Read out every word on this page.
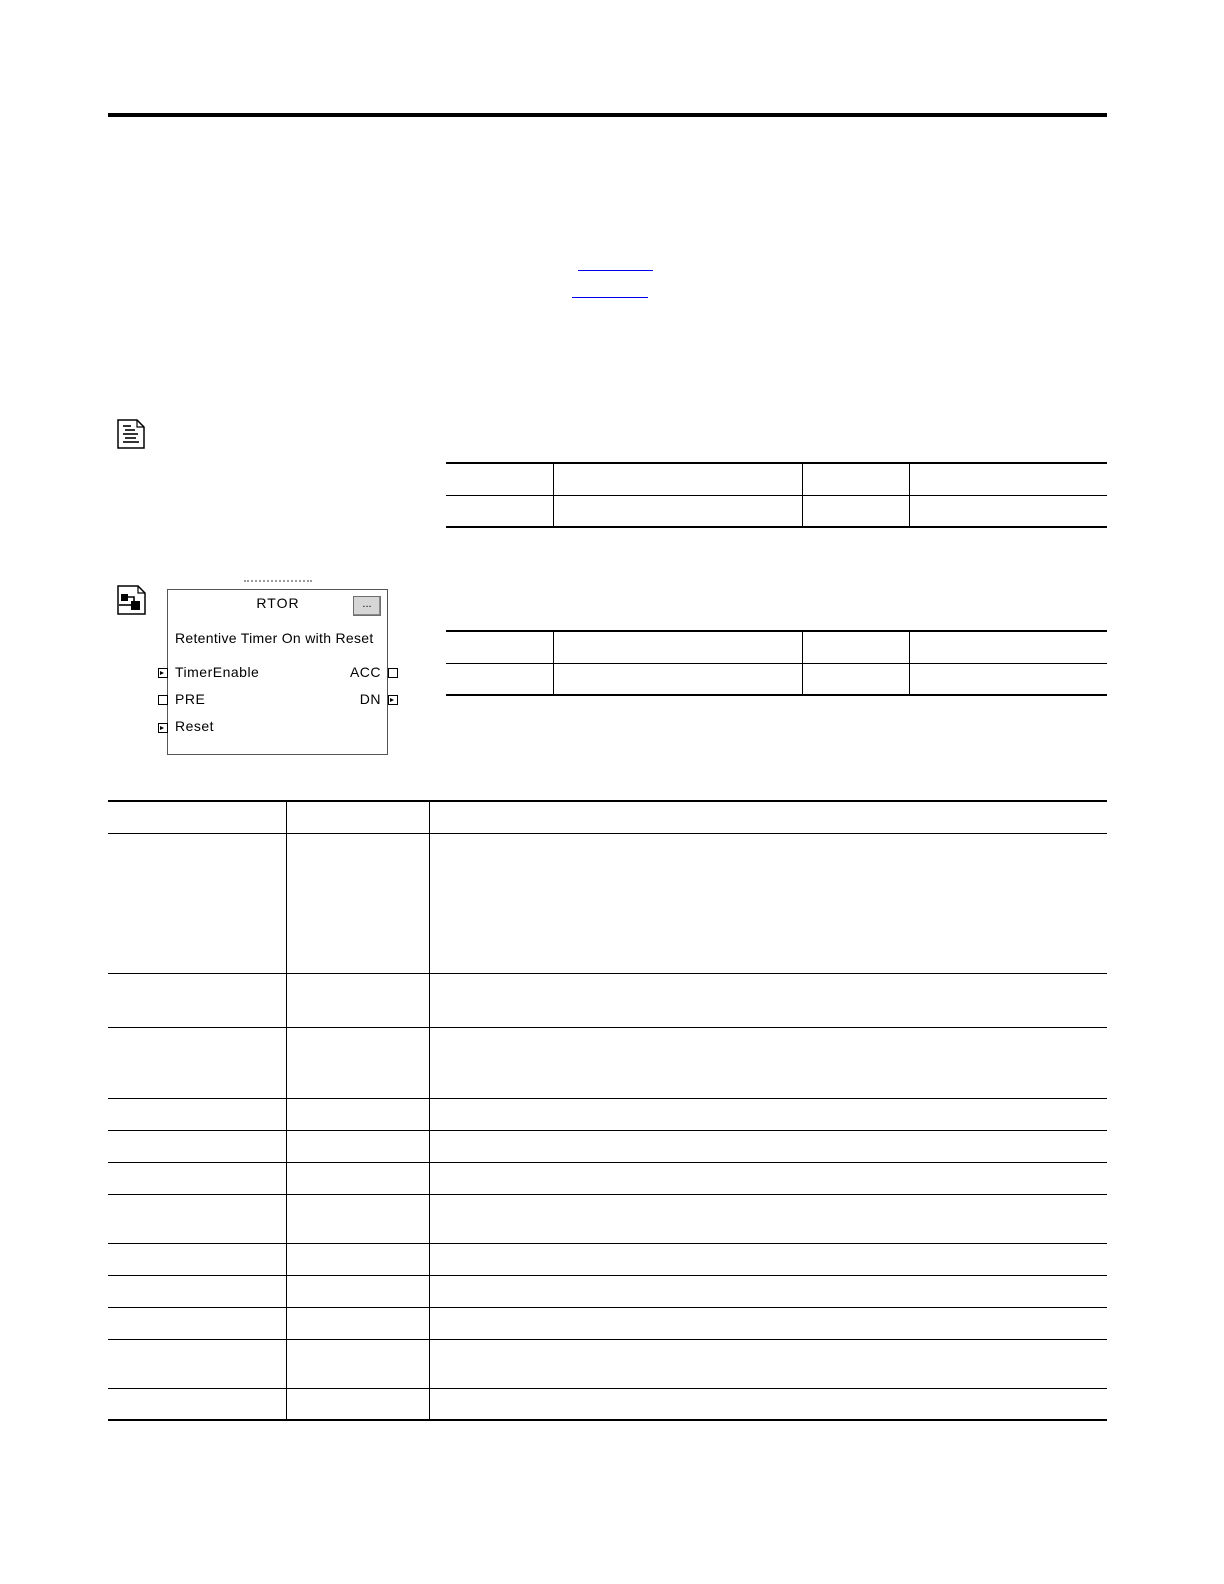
RTOR	...
Retentive Timer On with Reset
TimerEnable
PRE
Reset
ACC
DN
